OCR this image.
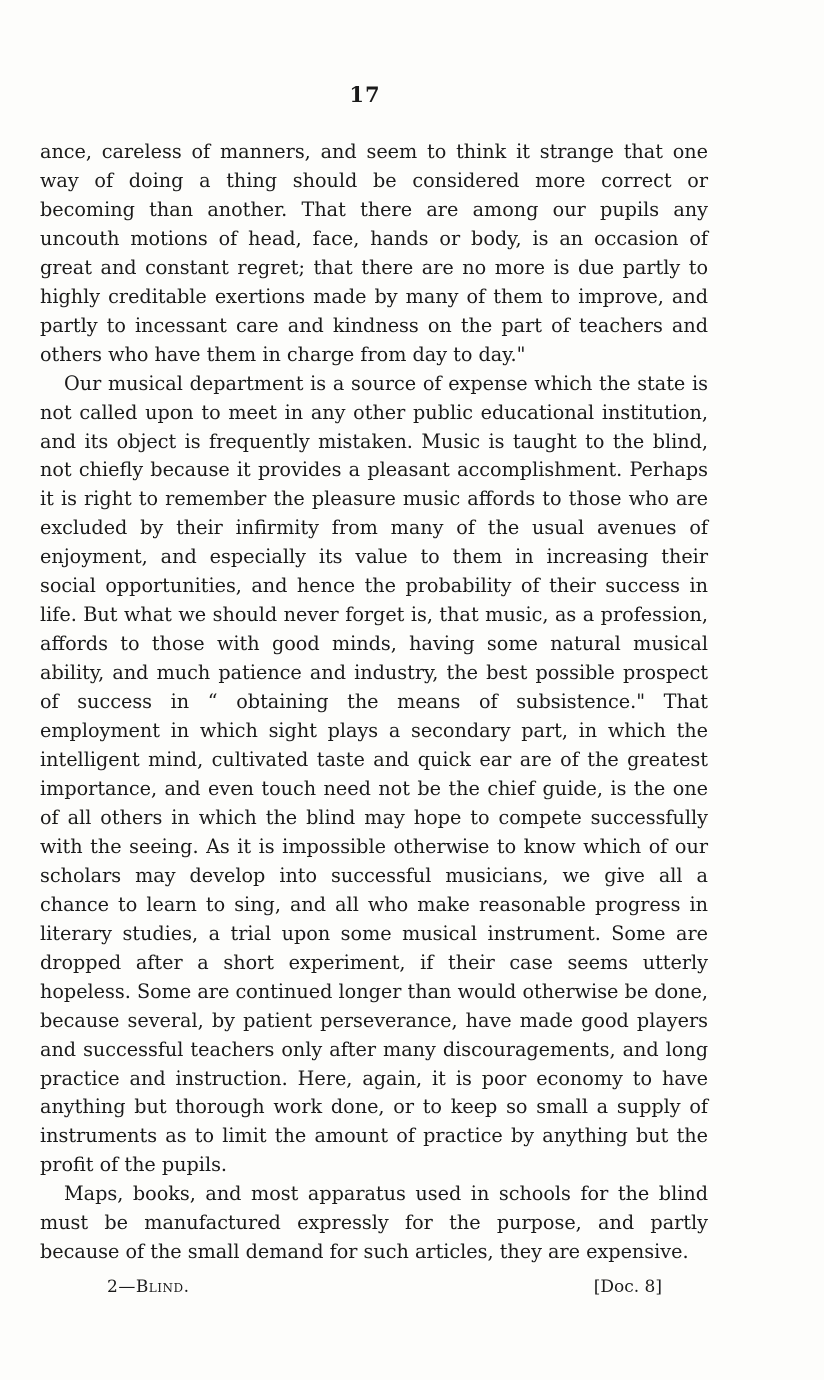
17

ance, careless of manners, and seem to think it strange that one way of doing a thing should be considered more correct or becoming than another. That there are among our pupils any uncouth motions of head, face, hands or body, is an occasion of great and constant regret; that there are no more is due partly to highly creditable exertions made by many of them to improve, and partly to incessant care and kindness on the part of teachers and others who have them in charge from day to day."

Our musical department is a source of expense which the state is not called upon to meet in any other public educational institution, and its object is frequently mistaken. Music is taught to the blind, not chiefly because it provides a pleasant accomplishment. Perhaps it is right to remember the pleasure music affords to those who are excluded by their infirmity from many of the usual avenues of enjoyment, and especially its value to them in increasing their social opportunities, and hence the probability of their success in life. But what we should never forget is, that music, as a profession, affords to those with good minds, having some natural musical ability, and much patience and industry, the best possible prospect of success in “ obtaining the means of subsistence." That employment in which sight plays a secondary part, in which the intelligent mind, cultivated taste and quick ear are of the greatest importance, and even touch need not be the chief guide, is the one of all others in which the blind may hope to compete successfully with the seeing. As it is impossible otherwise to know which of our scholars may develop into successful musicians, we give all a chance to learn to sing, and all who make reasonable progress in literary studies, a trial upon some musical instrument. Some are dropped after a short experiment, if their case seems utterly hopeless. Some are continued longer than would otherwise be done, because several, by patient perseverance, have made good players and successful teachers only after many discouragements, and long practice and instruction. Here, again, it is poor economy to have anything but thorough work done, or to keep so small a supply of instruments as to limit the amount of practice by anything but the profit of the pupils.

Maps, books, and most apparatus used in schools for the blind must be manufactured expressly for the purpose, and partly because of the small demand for such articles, they are expensive.

2—Blind.	[Doc. 8]
